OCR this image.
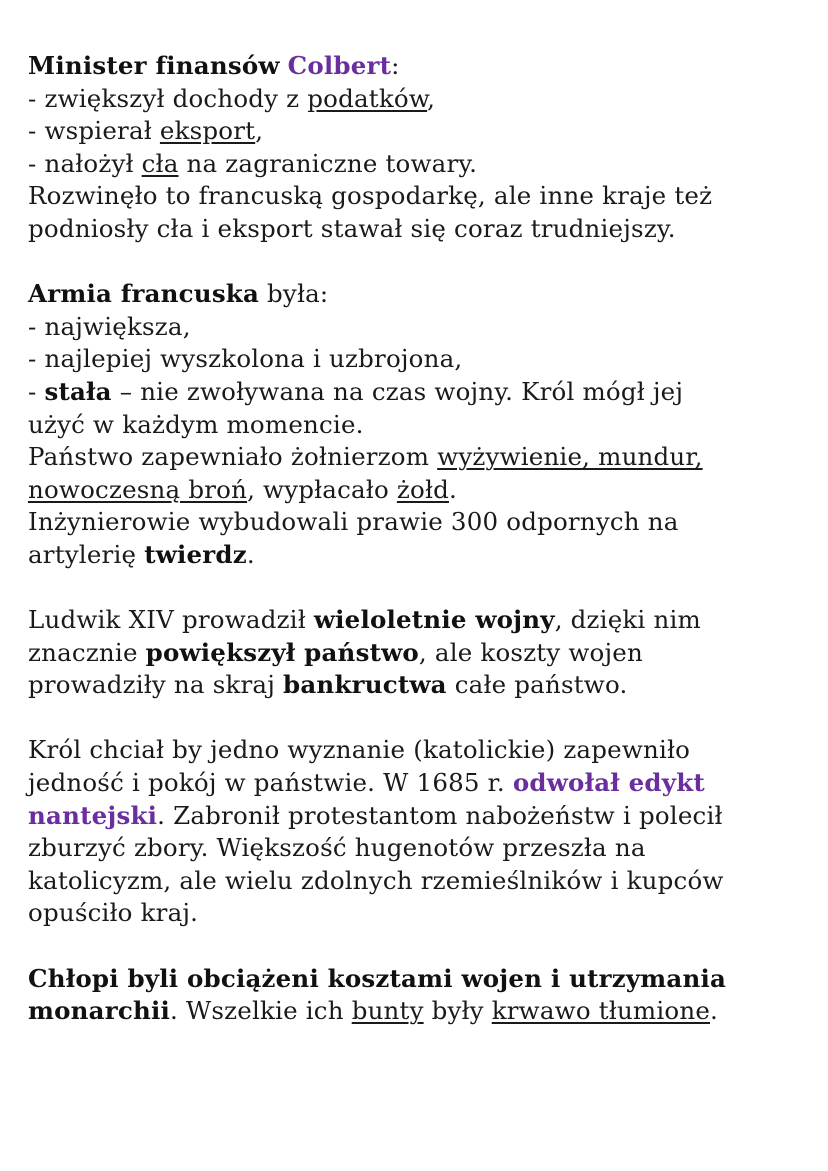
Minister finansów Colbert:
- zwiększył dochody z podatków,
- wspierał eksport,
- nałożył cła na zagraniczne towary.
Rozwinęło to francuską gospodarkę, ale inne kraje też
podniosły cła i eksport stawał się coraz trudniejszy.
Armia francuska była:
- największa,
- najlepiej wyszkolona i uzbrojona,
- stała – nie zwoływana na czas wojny. Król mógł jej
użyć w każdym momencie.
Państwo zapewniało żołnierzom wyżywienie, mundur,
nowoczesną broń, wypłacało żołd.
Inżynierowie wybudowali prawie 300 odpornych na
artylerię twierdz.
Ludwik XIV prowadził wieloletnie wojny, dzięki nim
znacznie powiększył państwo, ale koszty wojen
prowadziły na skraj bankructwa całe państwo.
Król chciał by jedno wyznanie (katolickie) zapewniło
jedność i pokój w państwie. W 1685 r. odwołał edykt
nantejski. Zabronił protestantom nabożeństw i polecił
zburzyć zbory. Większość hugenotów przeszła na
katolicyzm, ale wielu zdolnych rzemieślników i kupców
opuściło kraj.
Chłopi byli obciążeni kosztami wojen i utrzymania
monarchii. Wszelkie ich bunty były krwawo tłumione.
